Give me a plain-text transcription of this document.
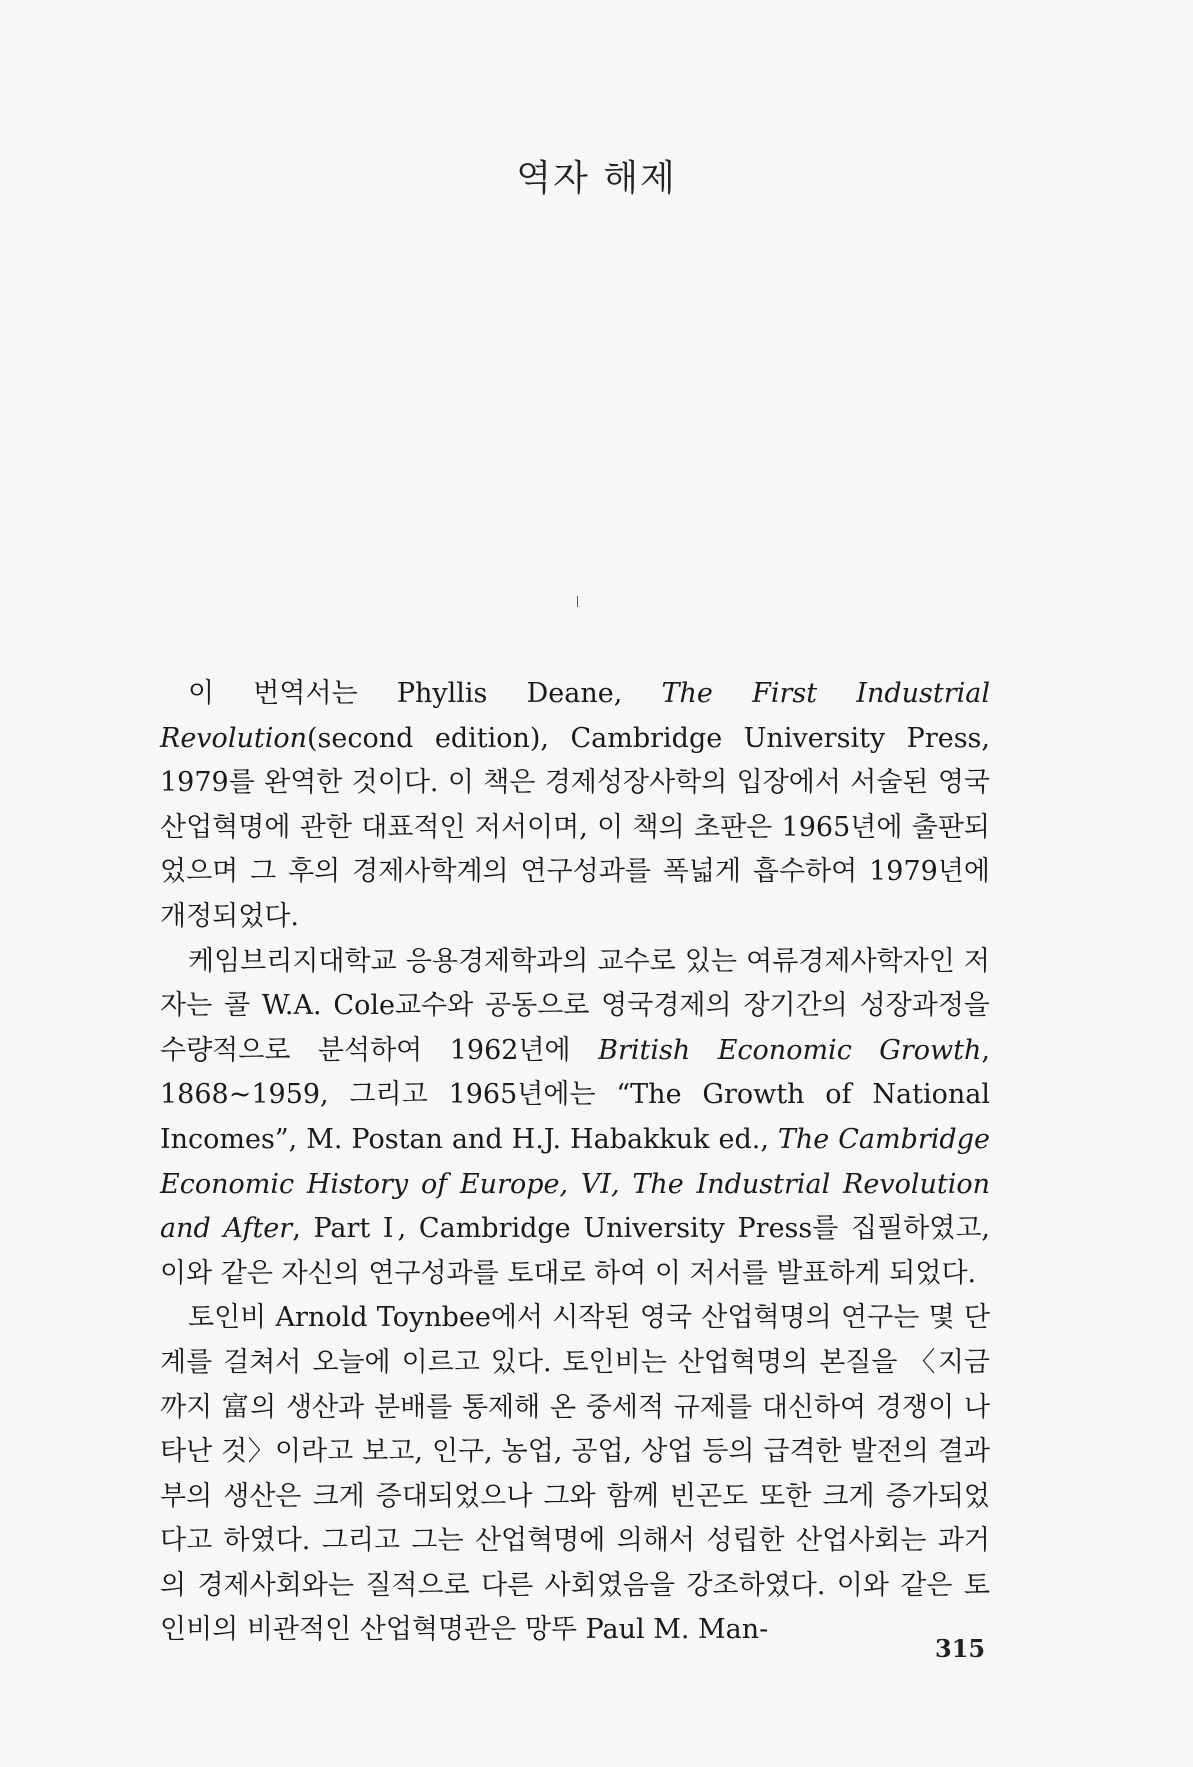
역자 해제

이 번역서는 Phyllis Deane, The First Industrial Revolution(second edition), Cambridge University Press, 1979를 완역한 것이다. 이 책은 경제성장사학의 입장에서 서술된 영국 산업혁명에 관한 대표적인 저서이며, 이 책의 초판은 1965년에 출판되었으며 그 후의 경제사학계의 연구성과를 폭넓게 흡수하여 1979년에 개정되었다.

케임브리지대학교 응용경제학과의 교수로 있는 여류경제사학자인 저자는 콜 W.A. Cole교수와 공동으로 영국경제의 장기간의 성장과정을 수량적으로 분석하여 1962년에 British Economic Growth, 1868~1959, 그리고 1965년에는 “The Growth of National Incomes”, M. Postan and H.J. Habakkuk ed., The Cambridge Economic History of Europe, VI, The Industrial Revolution and After, Part Ⅰ, Cambridge University Press를 집필하였고, 이와 같은 자신의 연구성과를 토대로 하여 이 저서를 발표하게 되었다.

토인비 Arnold Toynbee에서 시작된 영국 산업혁명의 연구는 몇 단계를 걸쳐서 오늘에 이르고 있다. 토인비는 산업혁명의 본질을 〈지금까지 富의 생산과 분배를 통제해 온 중세적 규제를 대신하여 경쟁이 나타난 것〉이라고 보고, 인구, 농업, 공업, 상업 등의 급격한 발전의 결과 부의 생산은 크게 증대되었으나 그와 함께 빈곤도 또한 크게 증가되었다고 하였다. 그리고 그는 산업혁명에 의해서 성립한 산업사회는 과거의 경제사회와는 질적으로 다른 사회였음을 강조하였다. 이와 같은 토인비의 비관적인 산업혁명관은 망뚜 Paul M. Man-

315
